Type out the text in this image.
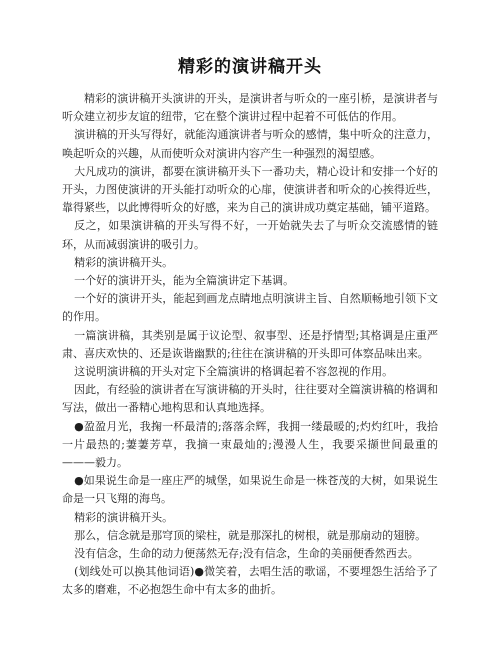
精彩的演讲稿开头

精彩的演讲稿开头演讲的开头，是演讲者与听众的一座引桥，是演讲者与听众建立初步友谊的纽带，它在整个演讲过程中起着不可低估的作用。

演讲稿的开头写得好，就能沟通演讲者与听众的感情，集中听众的注意力，唤起听众的兴趣，从而使听众对演讲内容产生一种强烈的渴望感。

大凡成功的演讲，都要在演讲稿开头下一番功夫，精心设计和安排一个好的开头，力图使演讲的开头能打动听众的心扉，使演讲者和听众的心挨得近些，靠得紧些，以此博得听众的好感，来为自己的演讲成功奠定基础，铺平道路。

反之，如果演讲稿的开头写得不好，一开始就失去了与听众交流感情的链环，从而减弱演讲的吸引力。

精彩的演讲稿开头。

一个好的演讲开头，能为全篇演讲定下基调。

一个好的演讲开头，能起到画龙点睛地点明演讲主旨、自然顺畅地引领下文的作用。

一篇演讲稿，其类别是属于议论型、叙事型、还是抒情型;其格调是庄重严肃、喜庆欢快的、还是诙谐幽默的;往往在演讲稿的开头即可体察品味出来。

这说明演讲稿的开头对定下全篇演讲的格调起着不容忽视的作用。

因此，有经验的演讲者在写演讲稿的开头时，往往要对全篇演讲稿的格调和写法，做出一番精心地构思和认真地选择。

●盈盈月光，我掬一杯最清的;落落余辉，我拥一缕最暖的;灼灼红叶，我拾一片最热的;萋萋芳草，我摘一束最灿的;漫漫人生，我要采撷世间最重的———毅力。

●如果说生命是一座庄严的城堡，如果说生命是一株苍茂的大树，如果说生命是一只飞翔的海鸟。

精彩的演讲稿开头。

那么，信念就是那穹顶的梁柱，就是那深扎的树根，就是那扇动的翅膀。

没有信念，生命的动力便荡然无存;没有信念，生命的美丽便香然西去。

(划线处可以换其他词语)●微笑着，去唱生活的歌谣，不要埋怨生活给予了太多的磨难，不必抱怨生命中有太多的曲折。
